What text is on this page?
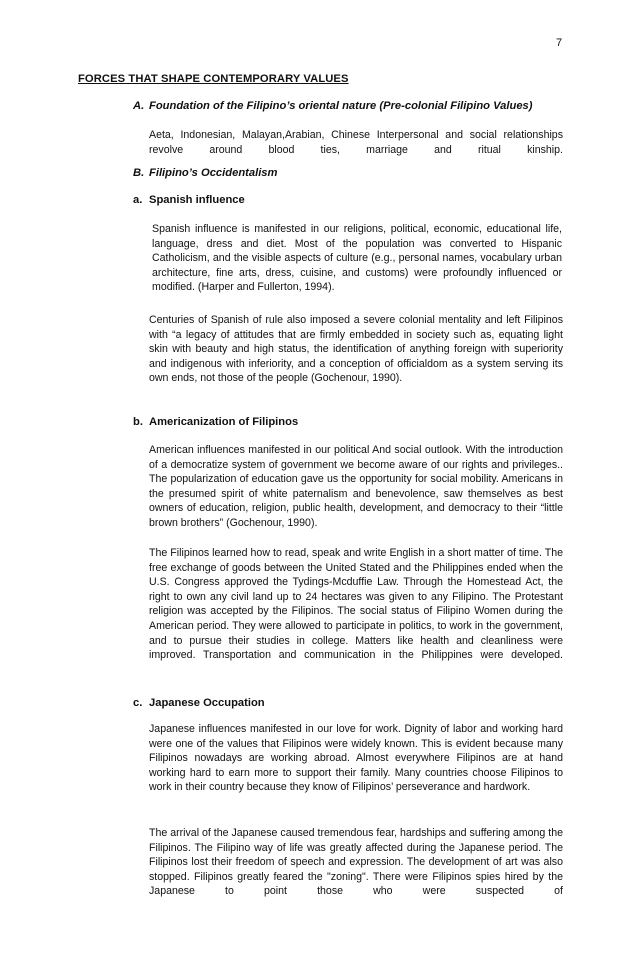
7
FORCES THAT SHAPE CONTEMPORARY VALUES
A. Foundation of the Filipino’s oriental nature (Pre-colonial Filipino Values)
Aeta, Indonesian, Malayan,Arabian, Chinese Interpersonal and social relationships revolve around blood ties, marriage and ritual kinship.
B. Filipino’s Occidentalism
a. Spanish influence
Spanish influence is manifested in our religions, political, economic, educational life, language, dress and diet. Most of the population was converted to Hispanic Catholicism, and the visible aspects of culture (e.g., personal names, vocabulary urban architecture, fine arts, dress, cuisine, and customs) were profoundly influenced or modified. (Harper and Fullerton, 1994).
Centuries of Spanish of rule also imposed a severe colonial mentality and left Filipinos with “a legacy of attitudes that are firmly embedded in society such as, equating light skin with beauty and high status, the identification of anything foreign with superiority and indigenous with inferiority, and a conception of officialdom as a system serving its own ends, not those of the people (Gochenour, 1990).
b. Americanization of Filipinos
American influences manifested in our political And social outlook. With the introduction of a democratize system of government we become aware of our rights and privileges.. The popularization of education gave us the opportunity for social mobility. Americans in the presumed spirit of white paternalism and benevolence, saw themselves as best owners of education, religion, public health, development, and democracy to their “little brown brothers” (Gochenour, 1990).
The Filipinos learned how to read, speak and write English in a short matter of time. The free exchange of goods between the United Stated and the Philippines ended when the U.S. Congress approved the Tydings-Mcduffie Law. Through the Homestead Act, the right to own any civil land up to 24 hectares was given to any Filipino. The Protestant religion was accepted by the Filipinos. The social status of Filipino Women during the American period. They were allowed to participate in politics, to work in the government, and to pursue their studies in college. Matters like health and cleanliness were improved. Transportation and communication in the Philippines were developed.
c. Japanese Occupation
Japanese influences manifested in our love for work. Dignity of labor and working hard were one of the values that Filipinos were widely known. This is evident because many Filipinos nowadays are working abroad. Almost everywhere Filipinos are at hand working hard to earn more to support their family. Many countries choose Filipinos to work in their country because they know of Filipinos’ perseverance and hardwork.
The arrival of the Japanese caused tremendous fear, hardships and suffering among the Filipinos. The Filipino way of life was greatly affected during the Japanese period. The Filipinos lost their freedom of speech and expression. The development of art was also stopped. Filipinos greatly feared the "zoning". There were Filipinos spies hired by the Japanese to point those who were suspected of
